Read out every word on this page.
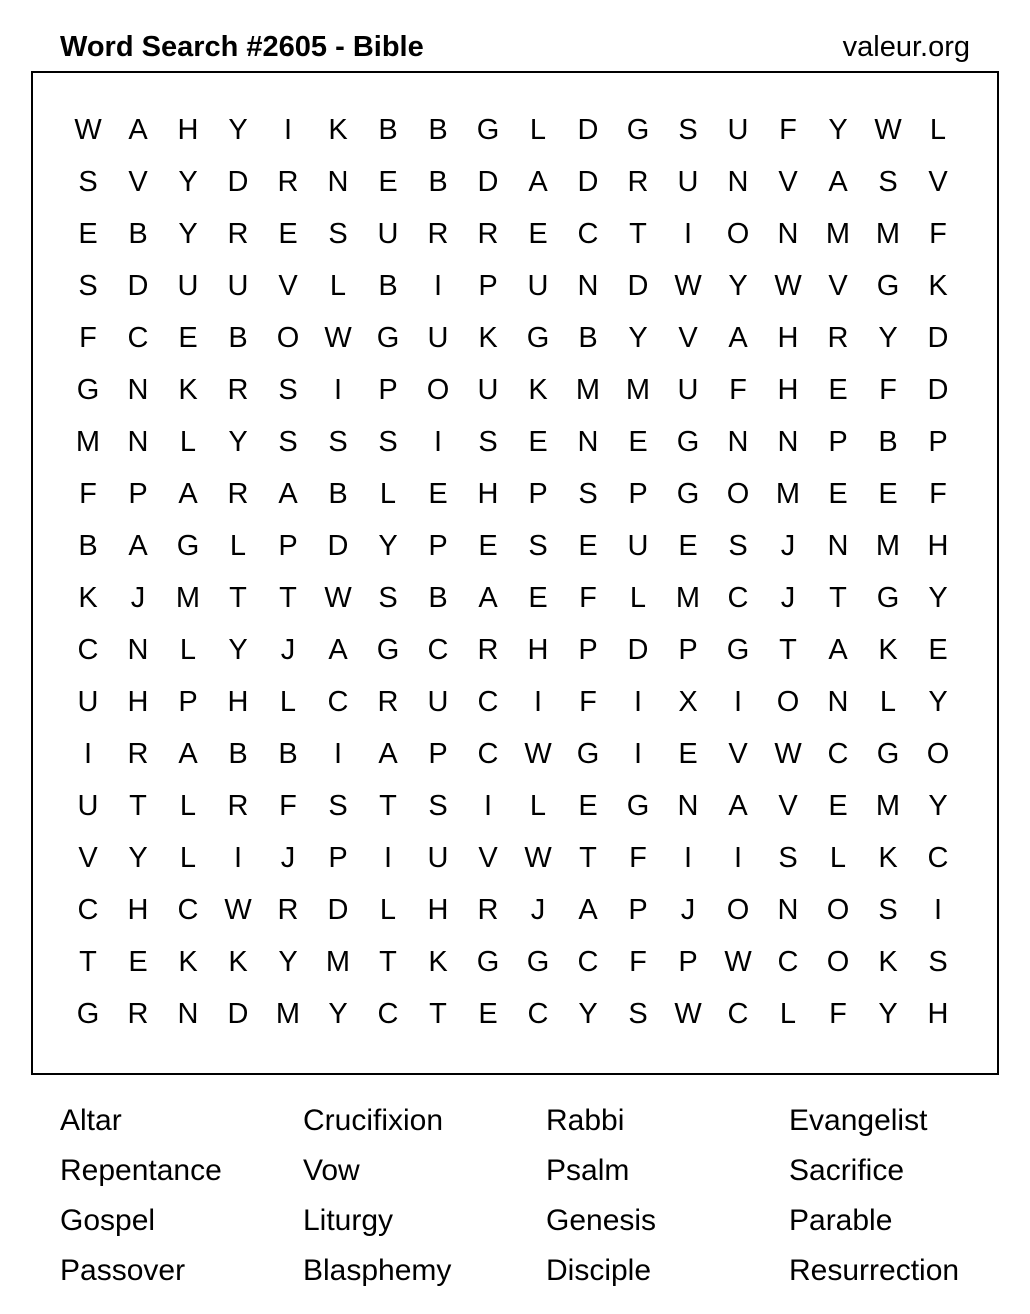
Word Search #2605 - Bible	valeur.org
W A	H	Y	I	K	B	B	G	L	D G	S	U	F	Y W L
S	V	Y	D	R	N	E	B	D	A	D	R	U	N	V	A	S	V
E	B	Y	R	E	S	U	R	R	E	C	T	I	O N M M	F
S	D	U	U	V	L	B	I	P	U	N	D W Y W V	G	K
F	C	E	B	O W G U	K	G	B	Y	V	A	H	R	Y	D
G N	K	R	S	I	P	O U	K M M U	F	H	E	F	D
M N	L	Y	S	S	S	I	S	E	N	E	G N	N	P	B	P
F	P	A	R	A	B	L	E	H	P	S	P	G O M E	E	F
B	A	G	L	P	D	Y	P	E	S	E	U	E	S	J	N M H
K	J	M	T	T W S	B	A	E	F	L	M C	J	T	G	Y
C	N	L	Y	J	A	G C	R	H	P	D	P	G	T	A	K	E
U	H	P	H	L	C	R	U	C	I	F	I	X	I	O N	L	Y
I	R	A	B	B	I	A	P	C W G	I	E	V W C G O
U	T	L	R	F	S	T	S	I	L	E	G N	A	V	E M Y
V	Y	L	I	J	P	I	U	V W T	F	I	I	S	L	K	C
C	H	C W R	D	L	H	R	J	A	P	J	O N O	S	I
T	E	K	K	Y M	T	K	G G C	F	P W C O	K	S
G R	N	D M Y	C	T	E	C	Y	S W C	L	F	Y	H
Altar	Crucifixion	Rabbi	Evangelist
Repentance	Vow	Psalm	Sacrifice
Gospel	Liturgy	Genesis	Parable
Passover	Blasphemy	Disciple	Resurrection
